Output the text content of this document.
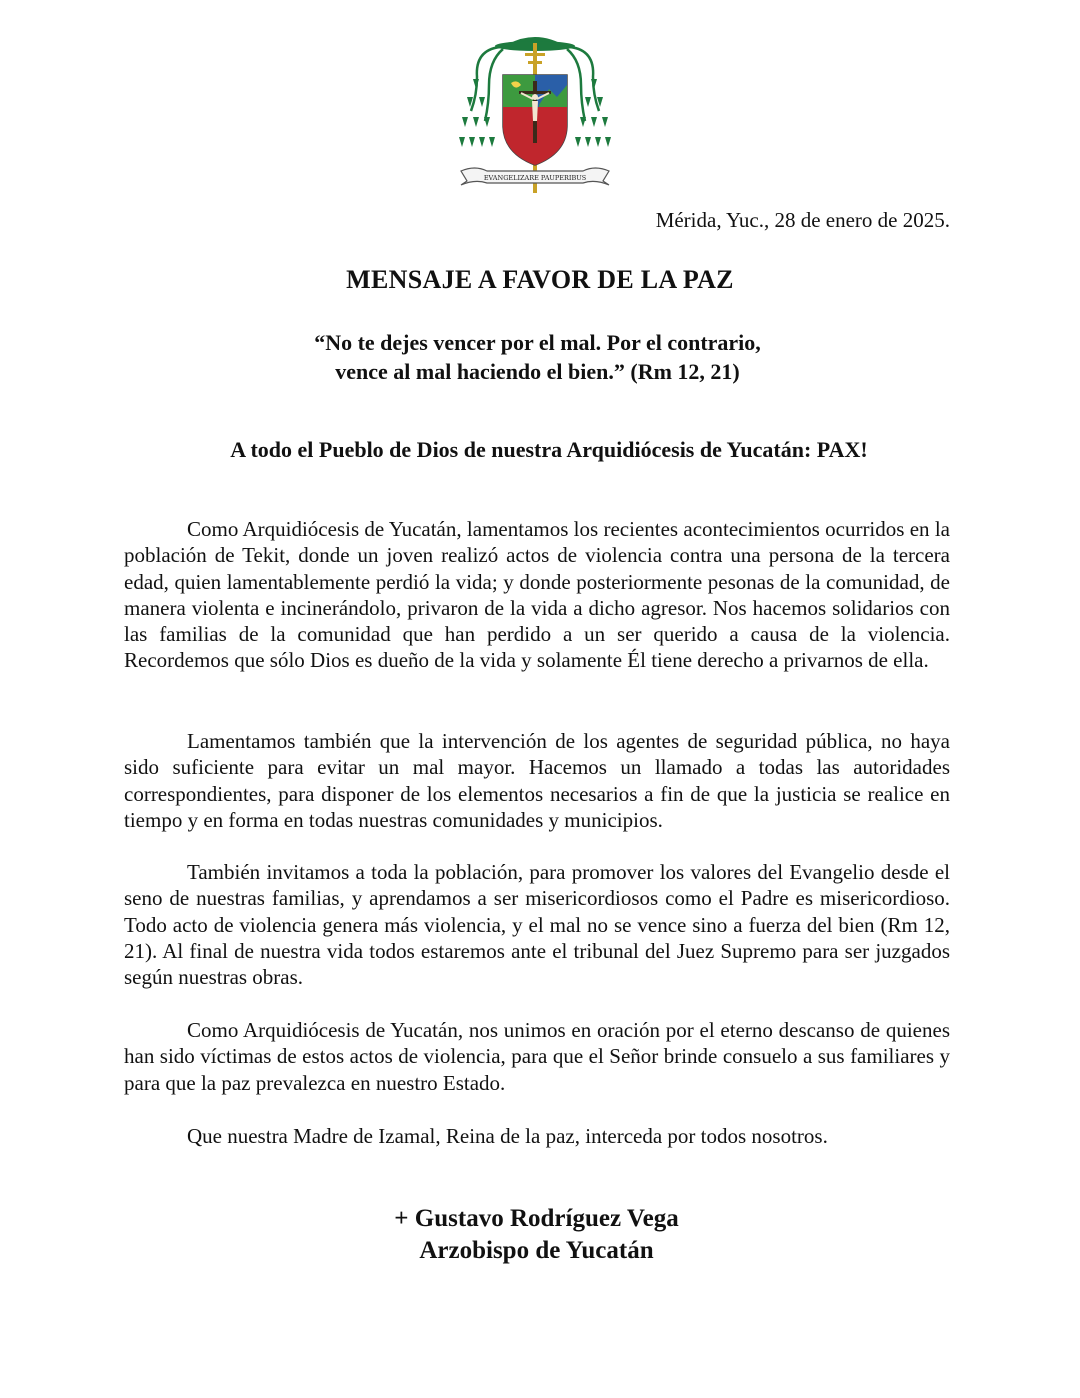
EVANGELIZARE PAUPERIBUS
Mérida, Yuc., 28 de enero de 2025.
MENSAJE A FAVOR DE LA PAZ
“No te dejes vencer por el mal. Por el contrario,
vence al mal haciendo el bien.” (Rm 12, 21)
A todo el Pueblo de Dios de nuestra Arquidiócesis de Yucatán: PAX!

Como Arquidiócesis de Yucatán, lamentamos los recientes acontecimientos ocurridos en la población de Tekit, donde un joven realizó actos de violencia contra una persona de la tercera edad, quien lamentablemente perdió la vida; y donde posteriormente pesonas de la comunidad, de manera violenta e incinerándolo, privaron de la vida a dicho agresor. Nos hacemos solidarios con las familias de la comunidad que han perdido a un ser querido a causa de la violencia. Recordemos que sólo Dios es dueño de la vida y solamente Él tiene derecho a privarnos de ella.

Lamentamos también que la intervención de los agentes de seguridad pública, no haya sido suficiente para evitar un mal mayor. Hacemos un llamado a todas las autoridades correspondientes, para disponer de los elementos necesarios a fin de que la justicia se realice en tiempo y en forma en todas nuestras comunidades y municipios.

También invitamos a toda la población, para promover los valores del Evangelio desde el seno de nuestras familias, y aprendamos a ser misericordiosos como el Padre es misericordioso. Todo acto de violencia genera más violencia, y el mal no se vence sino a fuerza del bien (Rm 12, 21). Al final de nuestra vida todos estaremos ante el tribunal del Juez Supremo para ser juzgados según nuestras obras.

Como Arquidiócesis de Yucatán, nos unimos en oración por el eterno descanso de quienes han sido víctimas de estos actos de violencia, para que el Señor brinde consuelo a sus familiares y para que la paz prevalezca en nuestro Estado.

Que nuestra Madre de Izamal, Reina de la paz, interceda por todos nosotros.

+ Gustavo Rodríguez Vega
Arzobispo de Yucatán
